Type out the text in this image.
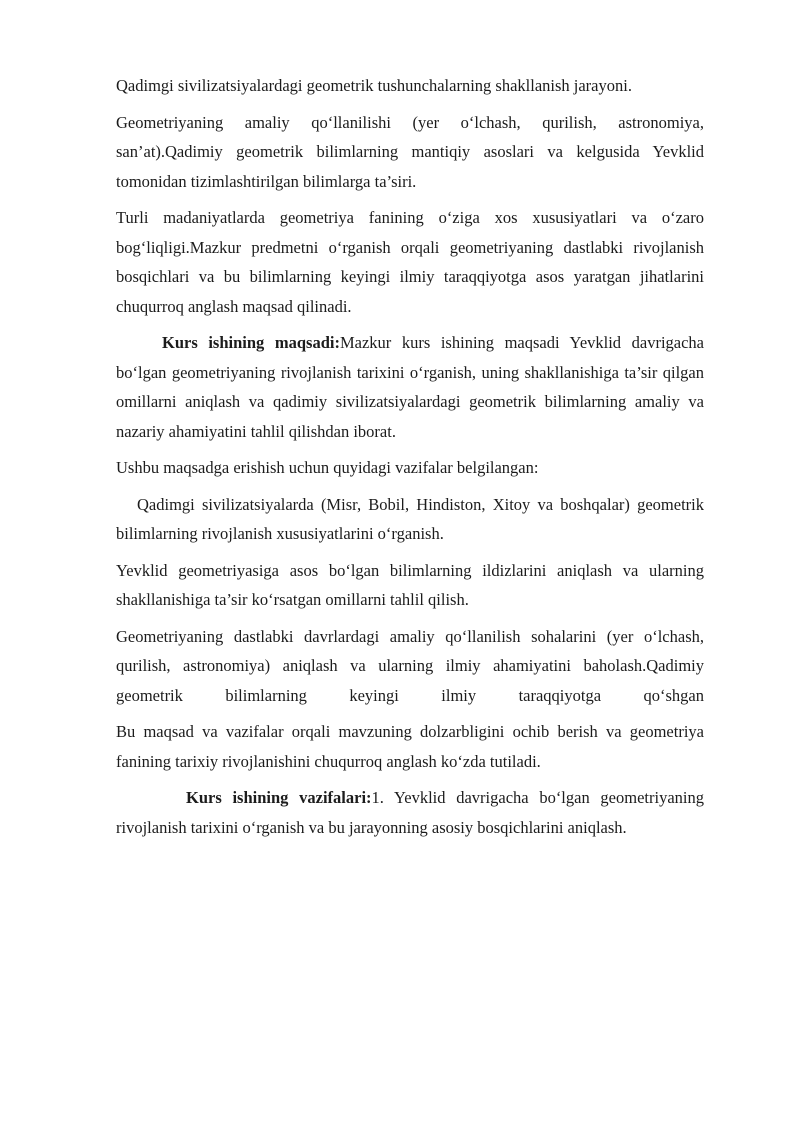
Qadimgi sivilizatsiyalardagi geometrik tushunchalarning shakllanish jarayoni.

Geometriyaning amaliy qo‘llanilishi (yer o‘lchash, qurilish, astronomiya, san’at).Qadimiy geometrik bilimlarning mantiqiy asoslari va kelgusida Yevklid tomonidan tizimlashtirilgan bilimlarga ta’siri.

Turli madaniyatlarda geometriya fanining o‘ziga xos xususiyatlari va o‘zaro bog‘liqligi.Mazkur predmetni o‘rganish orqali geometriyaning dastlabki rivojlanish bosqichlari va bu bilimlarning keyingi ilmiy taraqqiyotga asos yaratgan jihatlarini chuqurroq anglash maqsad qilinadi.

Kurs ishining maqsadi:Mazkur kurs ishining maqsadi Yevklid davrigacha bo‘lgan geometriyaning rivojlanish tarixini o‘rganish, uning shakllanishiga ta’sir qilgan omillarni aniqlash va qadimiy sivilizatsiyalardagi geometrik bilimlarning amaliy va nazariy ahamiyatini tahlil qilishdan iborat.

Ushbu maqsadga erishish uchun quyidagi vazifalar belgilangan:

Qadimgi sivilizatsiyalarda (Misr, Bobil, Hindiston, Xitoy va boshqalar) geometrik bilimlarning rivojlanish xususiyatlarini o‘rganish.

Yevklid geometriyasiga asos bo‘lgan bilimlarning ildizlarini aniqlash va ularning shakllanishiga ta’sir ko‘rsatgan omillarni tahlil qilish.

Geometriyaning dastlabki davrlardagi amaliy qo‘llanilish sohalarini (yer o‘lchash, qurilish, astronomiya) aniqlash va ularning ilmiy ahamiyatini baholash.Qadimiy geometrik bilimlarning keyingi ilmiy taraqqiyotga qo‘shgan

Bu maqsad va vazifalar orqali mavzuning dolzarbligini ochib berish va geometriya fanining tarixiy rivojlanishini chuqurroq anglash ko‘zda tutiladi.

Kurs ishining vazifalari:1. Yevklid davrigacha bo‘lgan geometriyaning rivojlanish tarixini o‘rganish va bu jarayonning asosiy bosqichlarini aniqlash.
